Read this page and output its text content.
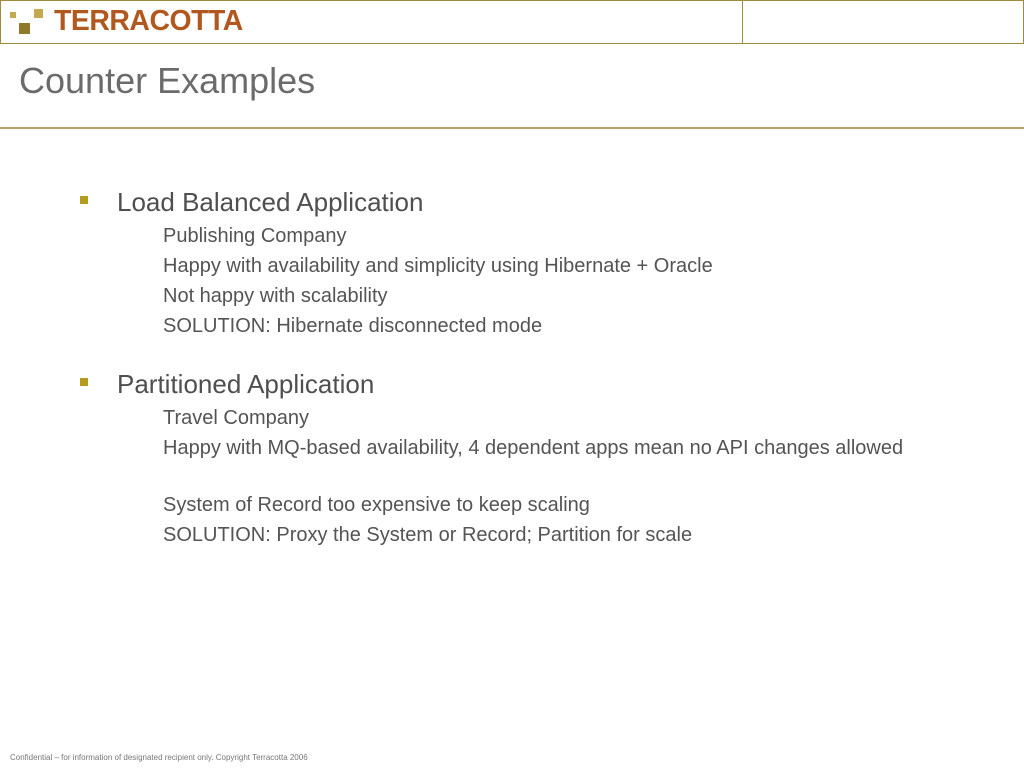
TERRACOTTA
Counter Examples
Load Balanced Application
Publishing Company
Happy with availability and simplicity using Hibernate + Oracle
Not happy with scalability
SOLUTION: Hibernate disconnected mode
Partitioned Application
Travel Company
Happy with MQ-based availability, 4 dependent apps mean no API changes allowed
System of Record too expensive to keep scaling
SOLUTION: Proxy the System or Record; Partition for scale
Confidential – for information of designated recipient only. Copyright Terracotta 2006
